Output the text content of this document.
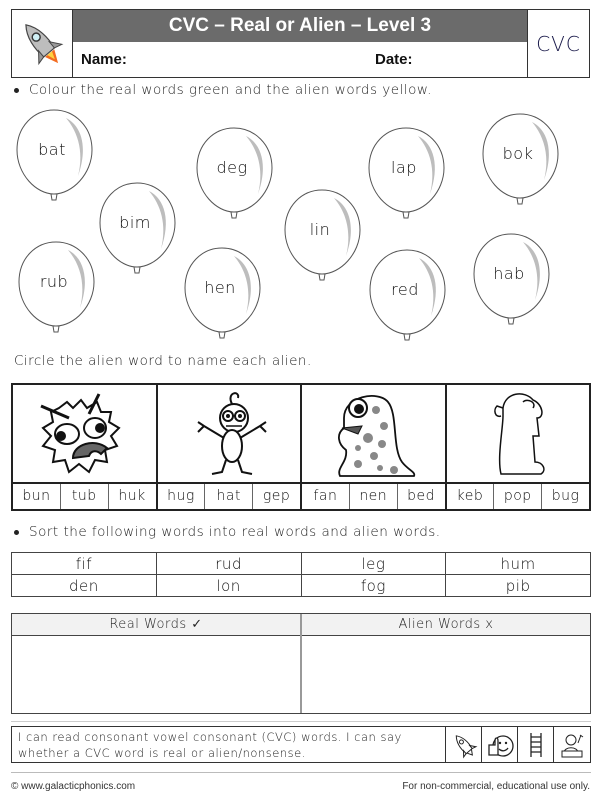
CVC – Real or Alien – Level 3
Name:	Date:
CVC
Colour the real words green and the alien words yellow.
bat
bim
rub
deg
hen
lin
lap
red
bok
hab
Circle the alien word to name each alien.
bun	tub	huk	hug	hat	gep	fan	nen	bed	keb	pop	bug
Sort the following words into real words and alien words.
fif	rud	leg	hum
den	lon	fog	pib
Real Words ✓	Alien Words x
I can read consonant vowel consonant (CVC) words. I can say whether a CVC word is real or alien/nonsense.
© www.galacticphonics.com	For non-commercial, educational use only.
